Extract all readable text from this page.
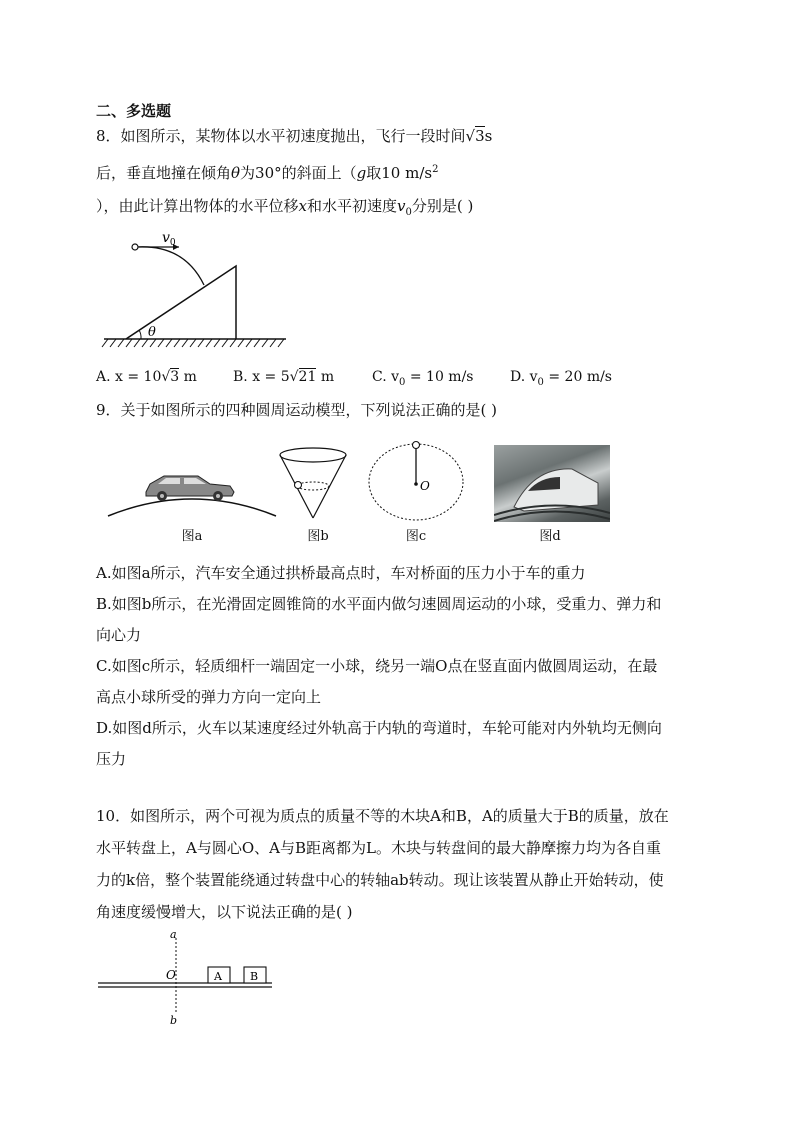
二、多选题
8．如图所示，某物体以水平初速度抛出，飞行一段时间√3s
后，垂直地撞在倾角θ为30°的斜面上（g取10 $m/s^2$
），由此计算出物体的水平位移x和水平初速度$v_0$分别是( )
$v_0$
θ
A. x = 10√3 m	B. x = 5√21 m	C. $v_0 = 10$ m/s	D. $v_0 = 20$ m/s
9．关于如图所示的四种圆周运动模型，下列说法正确的是( )
图a	图b
O
图c	图d
A.如图a所示，汽车安全通过拱桥最高点时，车对桥面的压力小于车的重力
B.如图b所示，在光滑固定圆锥筒的水平面内做匀速圆周运动的小球，受重力、弹力和
向心力
C.如图c所示，轻质细杆一端固定一小球，绕另一端O点在竖直面内做圆周运动，在最
高点小球所受的弹力方向一定向上
D.如图d所示，火车以某速度经过外轨高于内轨的弯道时，车轮可能对内外轨均无侧向
压力
10．如图所示，两个可视为质点的质量不等的木块A和B，A的质量大于B的质量，放在
水平转盘上，A与圆心O、A与B距离都为L。木块与转盘间的最大静摩擦力均为各自重
力的k倍，整个装置能绕通过转盘中心的转轴ab转动。现让该装置从静止开始转动，使
角速度缓慢增大，以下说法正确的是( )
A	B
a
O
b
